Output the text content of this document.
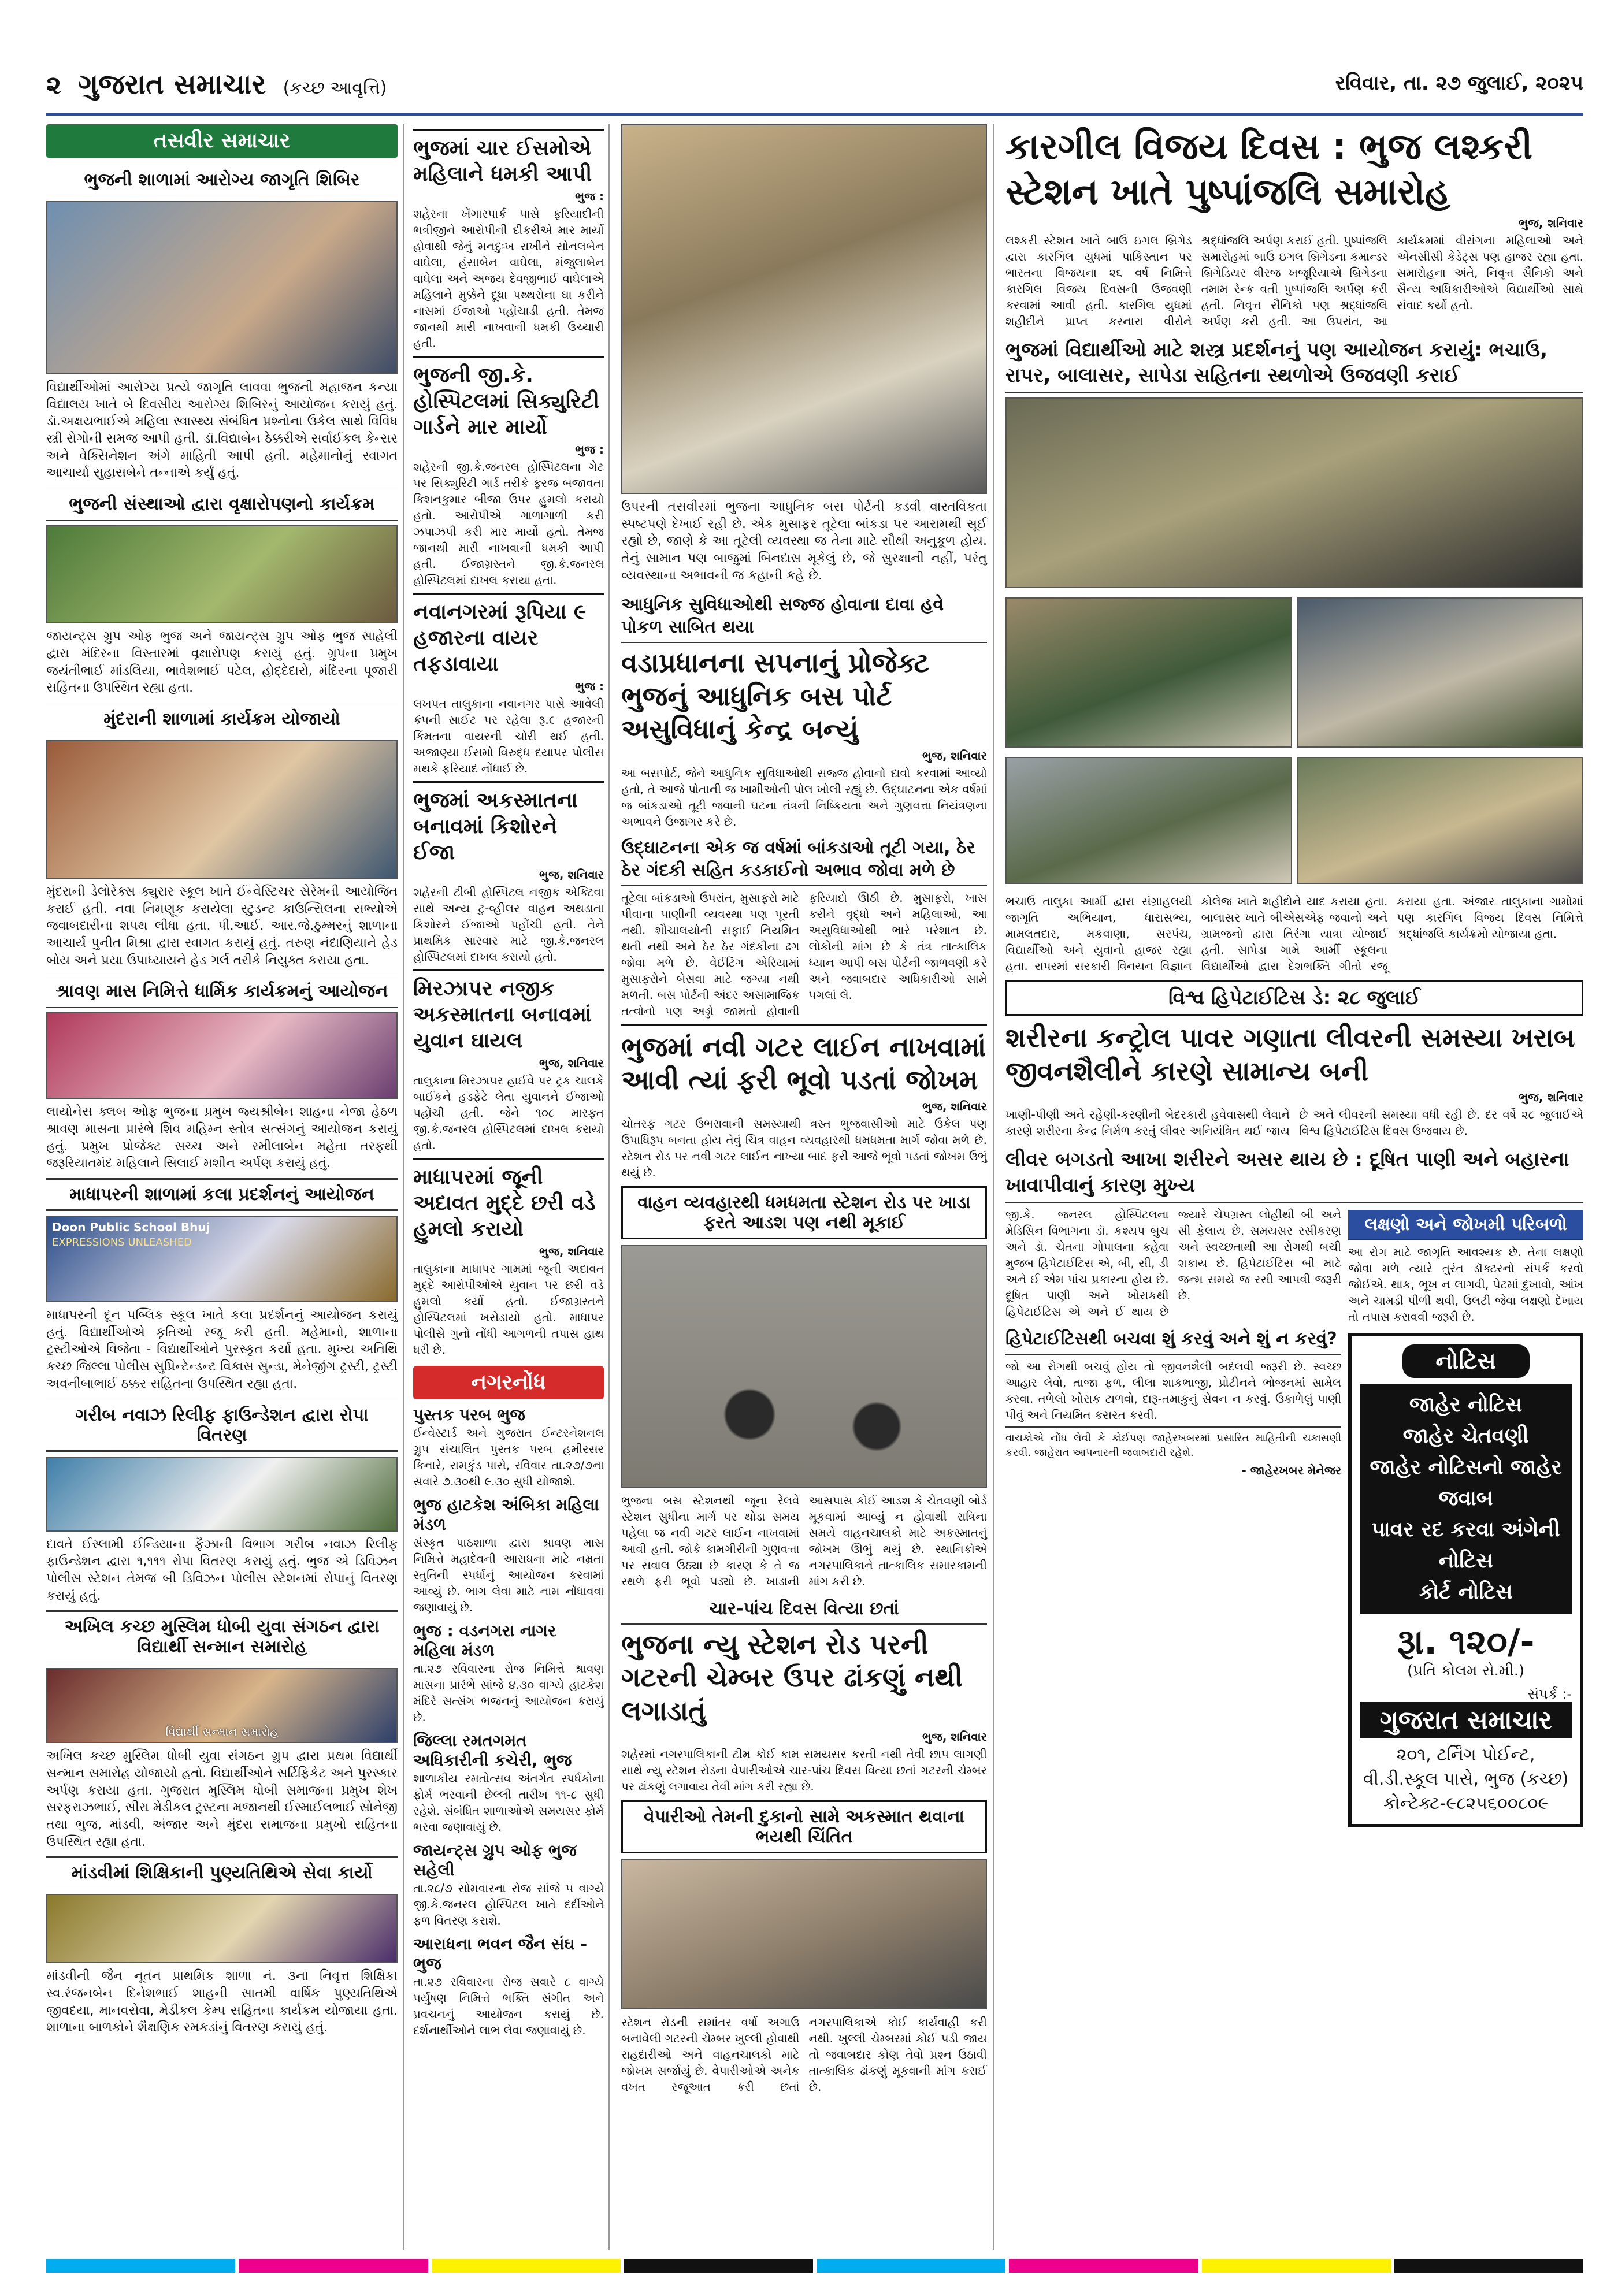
૨ ગુજરાત સમાચાર (કચ્છ આવૃત્તિ)	રવિવાર, તા. ૨૭ જુલાઈ, ૨૦૨૫
તસવીર સમાચાર
ભુજની શાળામાં આરોગ્ય જાગૃતિ શિબિર
વિદ્યાર્થીઓમાં આરોગ્ય પ્રત્યે જાગૃતિ લાવવા ભુજની મહાજન કન્યા વિદ્યાલય ખાતે બે દિવસીય આરોગ્ય શિબિરનું આયોજન કરાયું હતું. ડૉ.અક્ષયભાઈએ મહિલા સ્વાસ્થ્ય સંબંધિત પ્રશ્નોના ઉકેલ સાથે વિવિધ સ્ત્રી રોગોની સમજ આપી હતી. ડૉ.વિદ્યાબેન ઠેક્કરીએ સર્વાઈકલ કેન્સર અને વેક્સિનેશન અંગે માહિતી આપી હતી. મહેમાનોનું સ્વાગત આચાર્યા સુહાસબેને તન્નાએ કર્યું હતું.
ભુજની સંસ્થાઓ દ્વારા વૃક્ષારોપણનો કાર્યક્રમ
જાયન્ટ્સ ગ્રુપ ઓફ ભુજ અને જાયન્ટ્સ ગ્રુપ ઓફ ભુજ સાહેલી દ્વારા મંદિરના વિસ્તારમાં વૃક્ષારોપણ કરાયું હતું. ગ્રુપના પ્રમુખ જયંતીભાઈ માંડલિયા, ભાવેશભાઈ પટેલ, હોદ્દેદારો, મંદિરના પૂજારી સહિતના ઉપસ્થિત રહ્યા હતા.
મુંદરાની શાળામાં કાર્યક્રમ યોજાયો
મુંદરાની ડેલોરેક્સ ક્યુરાર સ્કૂલ ખાતે ઈન્વેસ્ટિચર સેરેમની આયોજિત કરાઈ હતી. નવા નિમણૂક કરાયેલા સ્ટુડન્ટ કાઉન્સિલના સભ્યોએ જવાબદારીના શપથ લીધા હતા. પી.આઈ. આર.જે.ઠુમ્મરનું શાળાના આચાર્ય પુનીત મિશ્રા દ્વારા સ્વાગત કરાયું હતું. તરુણ નંદાણિયાને હેડ બોય અને પ્રયા ઉપાધ્યાયને હેડ ગર્લ તરીકે નિયુક્ત કરાયા હતા.
શ્રાવણ માસ નિમિત્તે ધાર્મિક કાર્યક્રમનું આયોજન
લાયોનેસ ક્લબ ઓફ ભુજના પ્રમુખ જ્યશ્રીબેન શાહના નેજા હેઠળ શ્રાવણ માસના પ્રારંભે શિવ મહિમ્ન સ્તોત્ર સત્સંગનું આયોજન કરાયું હતું. પ્રમુખ પ્રોજેક્ટ સચ્ચ અને રમીલાબેન મહેતા તરફથી જરૂરિયાતમંદ મહિલાને સિલાઈ મશીન અર્પણ કરાયું હતું.
માધાપરની શાળામાં કલા પ્રદર્શનનું આયોજન
Doon Public School Bhuj
EXPRESSIONS UNLEASHED
માધાપરની દૂન પબ્લિક સ્કૂલ ખાતે કલા પ્રદર્શનનું આયોજન કરાયું હતું. વિદ્યાર્થીઓએ કૃતિઓ રજૂ કરી હતી. મહેમાનો, શાળાના ટ્રસ્ટીઓએ વિજેતા - વિદ્યાર્થીઓને પુરસ્કૃત કર્યા હતા. મુખ્ય અતિથિ કચ્છ જિલ્લા પોલીસ સુપ્રિન્ટેન્ડન્ટ વિકાસ સુન્ડા, મેનેજીંગ ટ્રસ્ટી, ટ્રસ્ટી અવનીબાભાઈ ઠક્કર સહિતના ઉપસ્થિત રહ્યા હતા.
ગરીબ નવાઝ રિલીફ ફાઉન્ડેશન દ્વારા રોપા વિતરણ
દાવતે ઈસ્લામી ઈન્ડિયાના ફૈઝાની વિભાગ ગરીબ નવાઝ રિલીફ ફાઉન્ડેશન દ્વારા ૧,૧૧૧ રોપા વિતરણ કરાયું હતું. ભુજ એ ડિવિઝન પોલીસ સ્ટેશન તેમજ બી ડિવિઝન પોલીસ સ્ટેશનમાં રોપાનું વિતરણ કરાયું હતું.
અખિલ કચ્છ મુસ્લિમ ધોબી યુવા સંગઠન દ્વારા વિદ્યાર્થી સન્માન સમારોહ
વિદ્યાર્થી સન્માન સમારોહ
અખિલ કચ્છ મુસ્લિમ ધોબી યુવા સંગઠન ગ્રુપ દ્વારા પ્રથમ વિદ્યાર્થી સન્માન સમારોહ યોજાયો હતો. વિદ્યાર્થીઓને સર્ટિફિકેટ અને પુરસ્કાર અર્પણ કરાયા હતા. ગુજરાત મુસ્લિમ ધોબી સમાજના પ્રમુખ શેખ સરફરાઝભાઈ, સીરા મેડીકલ ટ્રસ્ટના મજાનથી ઈસ્માઈલભાઈ સોનેજી તથા ભુજ, માંડવી, અંજાર અને મુંદરા સમાજના પ્રમુખો સહિતના ઉપસ્થિત રહ્યા હતા.
માંડવીમાં શિક્ષિકાની પુણ્યતિથિએ સેવા કાર્યો
માંડવીની જૈન નૂતન પ્રાથમિક શાળા નં. ૩ના નિવૃત્ત શિક્ષિકા સ્વ.રંજનબેન દિનેશભાઈ શાહની સાતમી વાર્ષિક પુણ્યતિથિએ જીવદયા, માનવસેવા, મેડીકલ કેમ્પ સહિતના કાર્યક્રમ યોજાયા હતા. શાળાના બાળકોને શૈક્ષણિક રમકડાંનું વિતરણ કરાયું હતું.
ભુજમાં ચાર ઈસમોએ મહિલાને ધમકી આપી
ભુજ :
શહેરના ખેંગારપાર્ક પાસે ફરિયાદીની ભત્રીજીને આરોપીની દીકરીએ માર માર્યો હોવાથી જેનું મનદુઃખ રાખીને સોનલબેન વાઘેલા, હંસાબેન વાઘેલા, મંજુલાબેન વાઘેલા અને અજય દેવજીભાઈ વાઘેલાએ મહિલાને મુક્કેને દૂધા પથ્થરોના ઘા કરીને નાસમાં ઈજાઓ પહોંચાડી હતી. તેમજ જાનથી મારી નાખવાની ધમકી ઉચ્ચારી હતી.
ભુજની જી.કે. હોસ્પિટલમાં સિક્યુરિટી ગાર્ડને માર માર્યો
ભુજ :
શહેરની જી.કે.જનરલ હોસ્પિટલના ગેટ પર સિક્યુરિટી ગાર્ડ તરીકે ફરજ બજાવતા કિશનકુમાર બીજા ઉપર હુમલો કરાયો હતો. આરોપીએ ગાળાગાળી કરી ઝપાઝપી કરી માર માર્યો હતો. તેમજ જાનથી મારી નાખવાની ધમકી આપી હતી. ઈજાગ્રસ્તને જી.કે.જનરલ હોસ્પિટલમાં દાખલ કરાયા હતા.
નવાનગરમાં રૂપિયા ૯ હજારના વાયર તફડાવાયા
ભુજ :
લખપત તાલુકાના નવાનગર પાસે આવેલી કંપની સાઈટ પર રહેલા રૂ.૯ હજારની કિંમતના વાયરની ચોરી થઈ હતી. અજાણ્યા ઈસમો વિરુદ્ધ દયાપર પોલીસ મથકે ફરિયાદ નોંધાઈ છે.
ભુજમાં અકસ્માતના બનાવમાં કિશોરને ઈજા
ભુજ, શનિવાર
શહેરની ટીબી હોસ્પિટલ નજીક એક્ટિવા સાથે અન્ય ટુ-વ્હીલર વાહન અથડાતા કિશોરને ઈજાઓ પહોંચી હતી. તેને પ્રાથમિક સારવાર માટે જી.કે.જનરલ હોસ્પિટલમાં દાખલ કરાયો હતો.
મિરઝાપર નજીક અકસ્માતના બનાવમાં યુવાન ઘાયલ
ભુજ, શનિવાર
તાલુકાના મિરઝાપર હાઈવે પર ટ્રક ચાલકે બાઈકને હડફેટે લેતા યુવાનને ઈજાઓ પહોંચી હતી. જેને ૧૦૮ મારફત જી.કે.જનરલ હોસ્પિટલમાં દાખલ કરાયો હતો.
માધાપરમાં જૂની અદાવત મુદ્દે છરી વડે હુમલો કરાયો
ભુજ, શનિવાર
તાલુકાના માધાપર ગામમાં જૂની અદાવત મુદ્દે આરોપીઓએ યુવાન પર છરી વડે હુમલો કર્યો હતો. ઈજાગ્રસ્તને હોસ્પિટલમાં ખસેડાયો હતો. માધાપર પોલીસે ગુનો નોંધી આગળની તપાસ હાથ ધરી છે.
નગરનોંધ
પુસ્તક પરબ ભુજ
ઈન્વેસ્ટાર્ડ અને ગુજરાત ઈન્ટરનેશનલ ગ્રુપ સંચાલિત પુસ્તક પરબ હમીરસર કિનારે, રામકુંડ પાસે, રવિવાર તા.૨૭/૭ના સવારે ૭.૩૦થી ૯.૩૦ સુધી યોજાશે.
ભુજ હાટકેશ અંબિકા મહિલા મંડળ
સંસ્કૃત પાઠશાળા દ્વારા શ્રાવણ માસ નિમિત્તે મહાદેવની આરાધના માટે નમ્રતા સ્તુતિની સ્પર્ધાનું આયોજન કરવામાં આવ્યું છે. ભાગ લેવા માટે નામ નોંધાવવા જણાવાયું છે.
ભુજ : વડનગરા નાગર મહિલા મંડળ
તા.૨૭ રવિવારના રોજ નિમિત્તે શ્રાવણ માસના પ્રારંભે સાંજે ૪.૩૦ વાગ્યે હાટકેશ મંદિરે સત્સંગ ભજનનું આયોજન કરાયું છે.
જિલ્લા રમતગમત અધિકારીની કચેરી, ભુજ
શાળાકીય રમતોત્સવ અંતર્ગત સ્પર્ધકોના ફોર્મ ભરવાની છેલ્લી તારીખ ૧૧-૮ સુધી રહેશે. સંબંધિત શાળાઓએ સમયસર ફોર્મ ભરવા જણાવાયું છે.
જાયન્ટ્સ ગ્રુપ ઓફ ભુજ સહેલી
તા.૨૮/૭ સોમવારના રોજ સાંજે ૫ વાગ્યે જી.કે.જનરલ હોસ્પિટલ ખાતે દર્દીઓને ફળ વિતરણ કરાશે.
આરાધના ભવન જૈન સંઘ - ભુજ
તા.૨૭ રવિવારના રોજ સવારે ૮ વાગ્યે પર્યુષણ નિમિત્તે ભક્તિ સંગીત અને પ્રવચનનું આયોજન કરાયું છે. દર્શનાર્થીઓને લાભ લેવા જણાવાયું છે.
ઉપરની તસવીરમાં ભુજના આધુનિક બસ પોર્ટની કડવી વાસ્તવિકતા સ્પષ્ટપણે દેખાઈ રહી છે. એક મુસાફર તૂટેલા બાંકડા પર આરામથી સૂઈ રહ્યો છે, જાણે કે આ તૂટેલી વ્યવસ્થા જ તેના માટે સૌથી અનુકૂળ હોય. તેનું સામાન પણ બાજુમાં બિનદાસ મૂકેલું છે, જે સુરક્ષાની નહીં, પરંતુ વ્યવસ્થાના અભાવની જ કહાની કહે છે.
આધુનિક સુવિધાઓથી સજ્જ હોવાના દાવા હવે પોકળ સાબિત થયા
વડાપ્રધાનના સપનાનું પ્રોજેક્ટ ભુજનું આધુનિક બસ પોર્ટ અસુવિધાનું કેન્દ્ર બન્યું
ભુજ, શનિવાર
આ બસપોર્ટ, જેને આધુનિક સુવિધાઓથી સજ્જ હોવાનો દાવો કરવામાં આવ્યો હતો, તે આજે પોતાની જ ખામીઓની પોલ ખોલી રહ્યું છે. ઉદ્ઘાટનના એક વર્ષમાં જ બાંકડાઓ તૂટી જવાની ઘટના તંત્રની નિષ્ક્રિયતા અને ગુણવત્તા નિયંત્રણના અભાવને ઉજાગર કરે છે.
ઉદ્ઘાટનના એક જ વર્ષમાં બાંકડાઓ તૂટી ગયા, ઠેર ઠેર ગંદકી સહિત કડકાઈનો અભાવ જોવા મળે છે
તૂટેલા બાંકડાઓ ઉપરાંત, મુસાફરો માટે પીવાના પાણીની વ્યવસ્થા પણ પૂરતી નથી. શૌચાલયોની સફાઈ નિયમિત થતી નથી અને ઠેર ઠેર ગંદકીના ઢગ જોવા મળે છે. વેઈટિંગ એરિયામાં મુસાફરોને બેસવા માટે જગ્યા નથી મળતી. બસ પોર્ટની અંદર અસામાજિક તત્વોનો પણ અડ્ડો જામતો હોવાની ફરિયાદો ઊઠી છે. મુસાફરો, ખાસ કરીને વૃદ્ધો અને મહિલાઓ, આ અસુવિધાઓથી ભારે પરેશાન છે. લોકોની માંગ છે કે તંત્ર તાત્કાલિક ધ્યાન આપી બસ પોર્ટની જાળવણી કરે અને જવાબદાર અધિકારીઓ સામે પગલાં લે.
ભુજમાં નવી ગટર લાઈન નાખવામાં આવી ત્યાં ફરી ભૂવો પડતાં જોખમ
ભુજ, શનિવાર
ચોતરફ ગટર ઉભરાવાની સમસ્યાથી ત્રસ્ત ભુજવાસીઓ માટે ઉકેલ પણ ઉપાધિરૂપ બનતા હોય તેવું ચિત્ર વાહન વ્યવહારથી ધમધમતા માર્ગ જોવા મળે છે. સ્ટેશન રોડ પર નવી ગટર લાઈન નાખ્યા બાદ ફરી આજે ભૂવો પડતાં જોખમ ઉભું થયું છે.
વાહન વ્યવહારથી ધમધમતા સ્ટેશન રોડ પર ખાડા ફરતે આડશ પણ નથી મૂકાઈ
ભુજના બસ સ્ટેશનથી જૂના રેલવે સ્ટેશન સુધીના માર્ગ પર થોડા સમય પહેલા જ નવી ગટર લાઈન નાખવામાં આવી હતી. જોકે કામગીરીની ગુણવત્તા પર સવાલ ઉઠ્યા છે કારણ કે તે જ સ્થળે ફરી ભૂવો પડ્યો છે. ખાડાની આસપાસ કોઈ આડશ કે ચેતવણી બોર્ડ મૂકવામાં આવ્યું ન હોવાથી રાત્રિના સમયે વાહનચાલકો માટે અકસ્માતનું જોખમ ઊભું થયું છે. સ્થાનિકોએ નગરપાલિકાને તાત્કાલિક સમારકામની માંગ કરી છે.
ચાર-પાંચ દિવસ વિત્યા છતાં
ભુજના ન્યુ સ્ટેશન રોડ પરની ગટરની ચેમ્બર ઉપર ઢાંકણું નથી લગાડાતું
ભુજ, શનિવાર
શહેરમાં નગરપાલિકાની ટીમ કોઈ કામ સમયસર કરતી નથી તેવી છાપ લાગણી સાથે ન્યુ સ્ટેશન રોડના વેપારીઓએ ચાર-પાંચ દિવસ વિત્યા છતાં ગટરની ચેમ્બર પર ઢાંકણું લગાવાય તેવી માંગ કરી રહ્યા છે.
વેપારીઓ તેમની દુકાનો સામે અકસ્માત થવાના ભયથી ચિંતિત
સ્ટેશન રોડની સમાંતર વર્ષો અગાઉ બનાવેલી ગટરની ચેમ્બર ખુલ્લી હોવાથી રાહદારીઓ અને વાહનચાલકો માટે જોખમ સર્જાયું છે. વેપારીઓએ અનેક વખત રજૂઆત કરી છતાં નગરપાલિકાએ કોઈ કાર્યવાહી કરી નથી. ખુલ્લી ચેમ્બરમાં કોઈ પડી જાય તો જવાબદાર કોણ તેવો પ્રશ્ન ઉઠાવી તાત્કાલિક ઢાંકણું મૂકવાની માંગ કરાઈ છે.
કારગીલ વિજય દિવસ : ભુજ લશ્કરી સ્ટેશન ખાતે પુષ્પાંજલિ સમારોહ
ભુજ, શનિવાર
લશ્કરી સ્ટેશન ખાતે બાઉ ઇગલ બ્રિગેડ દ્વારા કારગિલ યુધમાં પાકિસ્તાન પર ભારતના વિજયના ૨૬ વર્ષ નિમિત્તે કારગિલ વિજય દિવસની ઉજવણી કરવામાં આવી હતી. કારગિલ યુધમાં શહીદીને પ્રાપ્ત કરનારા વીરોને શ્રદ્ધાંજલિ અર્પણ કરાઈ હતી. પુષ્પાંજલિ સમારોહમાં બાઉ ઇગલ બ્રિગેડના કમાન્ડર બ્રિગેડિયર વીરજ ખજૂરિયાએ બ્રિગેડના તમામ રેન્ક વતી પુષ્પાંજલિ અર્પણ કરી હતી. નિવૃત્ત સૈનિકો પણ શ્રદ્ધાંજલિ અર્પણ કરી હતી. આ ઉપરાંત, આ કાર્યક્રમમાં વીરાંગના મહિલાઓ અને એનસીસી કેડેટ્સ પણ હાજર રહ્યા હતા. સમારોહના અંતે, નિવૃત્ત સૈનિકો અને સૈન્ય અધિકારીઓએ વિદ્યાર્થીઓ સાથે સંવાદ કર્યો હતો.
ભુજમાં વિદ્યાર્થીઓ માટે શસ્ત્ર પ્રદર્શનનું પણ આયોજન કરાયું: ભચાઉ, રાપર, બાલાસર, સાપેડા સહિતના સ્થળોએ ઉજવણી કરાઈ
ભચાઉ તાલુકા આર્મી દ્વારા સંગ્રાહલયી જાગૃતિ અભિયાન, ધારાસભ્ય, મામલતદાર, મકવાણા, સરપંચ, વિદ્યાર્થીઓ અને યુવાનો હાજર રહ્યા હતા. રાપરમાં સરકારી વિનયન વિજ્ઞાન કોલેજ ખાતે શહીદોને યાદ કરાયા હતા. બાલાસર ખાતે બીએસએફ જવાનો અને ગ્રામજનો દ્વારા તિરંગા યાત્રા યોજાઈ હતી. સાપેડા ગામે આર્મી સ્કૂલના વિદ્યાર્થીઓ દ્વારા દેશભક્તિ ગીતો રજૂ કરાયા હતા. અંજાર તાલુકાના ગામોમાં પણ કારગિલ વિજય દિવસ નિમિત્તે શ્રદ્ધાંજલિ કાર્યક્રમો યોજાયા હતા.
વિશ્વ હિપેટાઈટિસ ડે: ૨૮ જુલાઈ
શરીરના કન્ટ્રોલ પાવર ગણાતા લીવરની સમસ્યા ખરાબ જીવનશૈલીને કારણે સામાન્ય બની
ભુજ, શનિવાર
ખાણી-પીણી અને રહેણી-કરણીની બેદરકારી હવેવાસથી લેવાને કારણે શરીરના કેન્દ્ર નિર્મળ કરતું લીવર અનિયંત્રિત થઈ જાય છે અને લીવરની સમસ્યા વધી રહી છે. દર વર્ષે ૨૮ જુલાઈએ વિશ્વ હિપેટાઈટિસ દિવસ ઉજવાય છે.
લીવર બગડતો આખા શરીરને અસર થાય છે : દૂષિત પાણી અને બહારના ખાવાપીવાનું કારણ મુખ્ય
જી.કે. જનરલ હોસ્પિટલના મેડિસિન વિભાગના ડૉ. કશ્યપ બુચ અને ડૉ. ચેતના ગોપાલના કહેવા મુજબ હિપેટાઈટિસ એ, બી, સી, ડી અને ઈ એમ પાંચ પ્રકારના હોય છે. દૂષિત પાણી અને ખોરાકથી હિપેટાઈટિસ એ અને ઈ થાય છે જ્યારે ચેપગ્રસ્ત લોહીથી બી અને સી ફેલાય છે. સમયસર રસીકરણ અને સ્વચ્છતાથી આ રોગથી બચી શકાય છે. હિપેટાઈટિસ બી માટે જન્મ સમયે જ રસી આપવી જરૂરી છે.
હિપેટાઈટિસથી બચવા શું કરવું અને શું ન કરવું?
જો આ રોગથી બચવું હોય તો જીવનશૈલી બદલવી જરૂરી છે. સ્વચ્છ આહાર લેવો, તાજા ફળ, લીલા શાકભાજી, પ્રોટીનને ભોજનમાં સામેલ કરવા. તળેલો ખોરાક ટાળવો, દારૂ-તમાકુનું સેવન ન કરવું. ઉકાળેલું પાણી પીવું અને નિયમિત કસરત કરવી.
વાચકોએ નોંધ લેવી કે કોઈપણ જાહેરખબરમાં પ્રસારિત માહિતીની ચકાસણી કરવી. જાહેરાત આપનારની જવાબદારી રહેશે.
- જાહેરખબર મેનેજર
લક્ષણો અને જોખમી પરિબળો
આ રોગ માટે જાગૃતિ આવશ્યક છે. તેના લક્ષણો જોવા મળે ત્યારે તુરંત ડૉક્ટરનો સંપર્ક કરવો જોઈએ. થાક, ભૂખ ન લાગવી, પેટમાં દુખાવો, આંખ અને ચામડી પીળી થવી, ઉલટી જેવા લક્ષણો દેખાય તો તપાસ કરાવવી જરૂરી છે.
નોટિસ
જાહેર નોટિસ
જાહેર ચેતવણી
જાહેર નોટિસનો જાહેર જવાબ
પાવર રદ કરવા અંગેની નોટિસ
કોર્ટ નોટિસ
રૂા. ૧૨૦/-
(પ્રતિ કોલમ સે.મી.)
સંપર્ક :-
ગુજરાત સમાચાર
૨૦૧, ટર્નિંગ પોઈન્ટ, વી.ડી.સ્કૂલ પાસે, ભુજ (કચ્છ) કોન્ટેક્ટ-૯૮૨૫૬૦૦૮૦૯
